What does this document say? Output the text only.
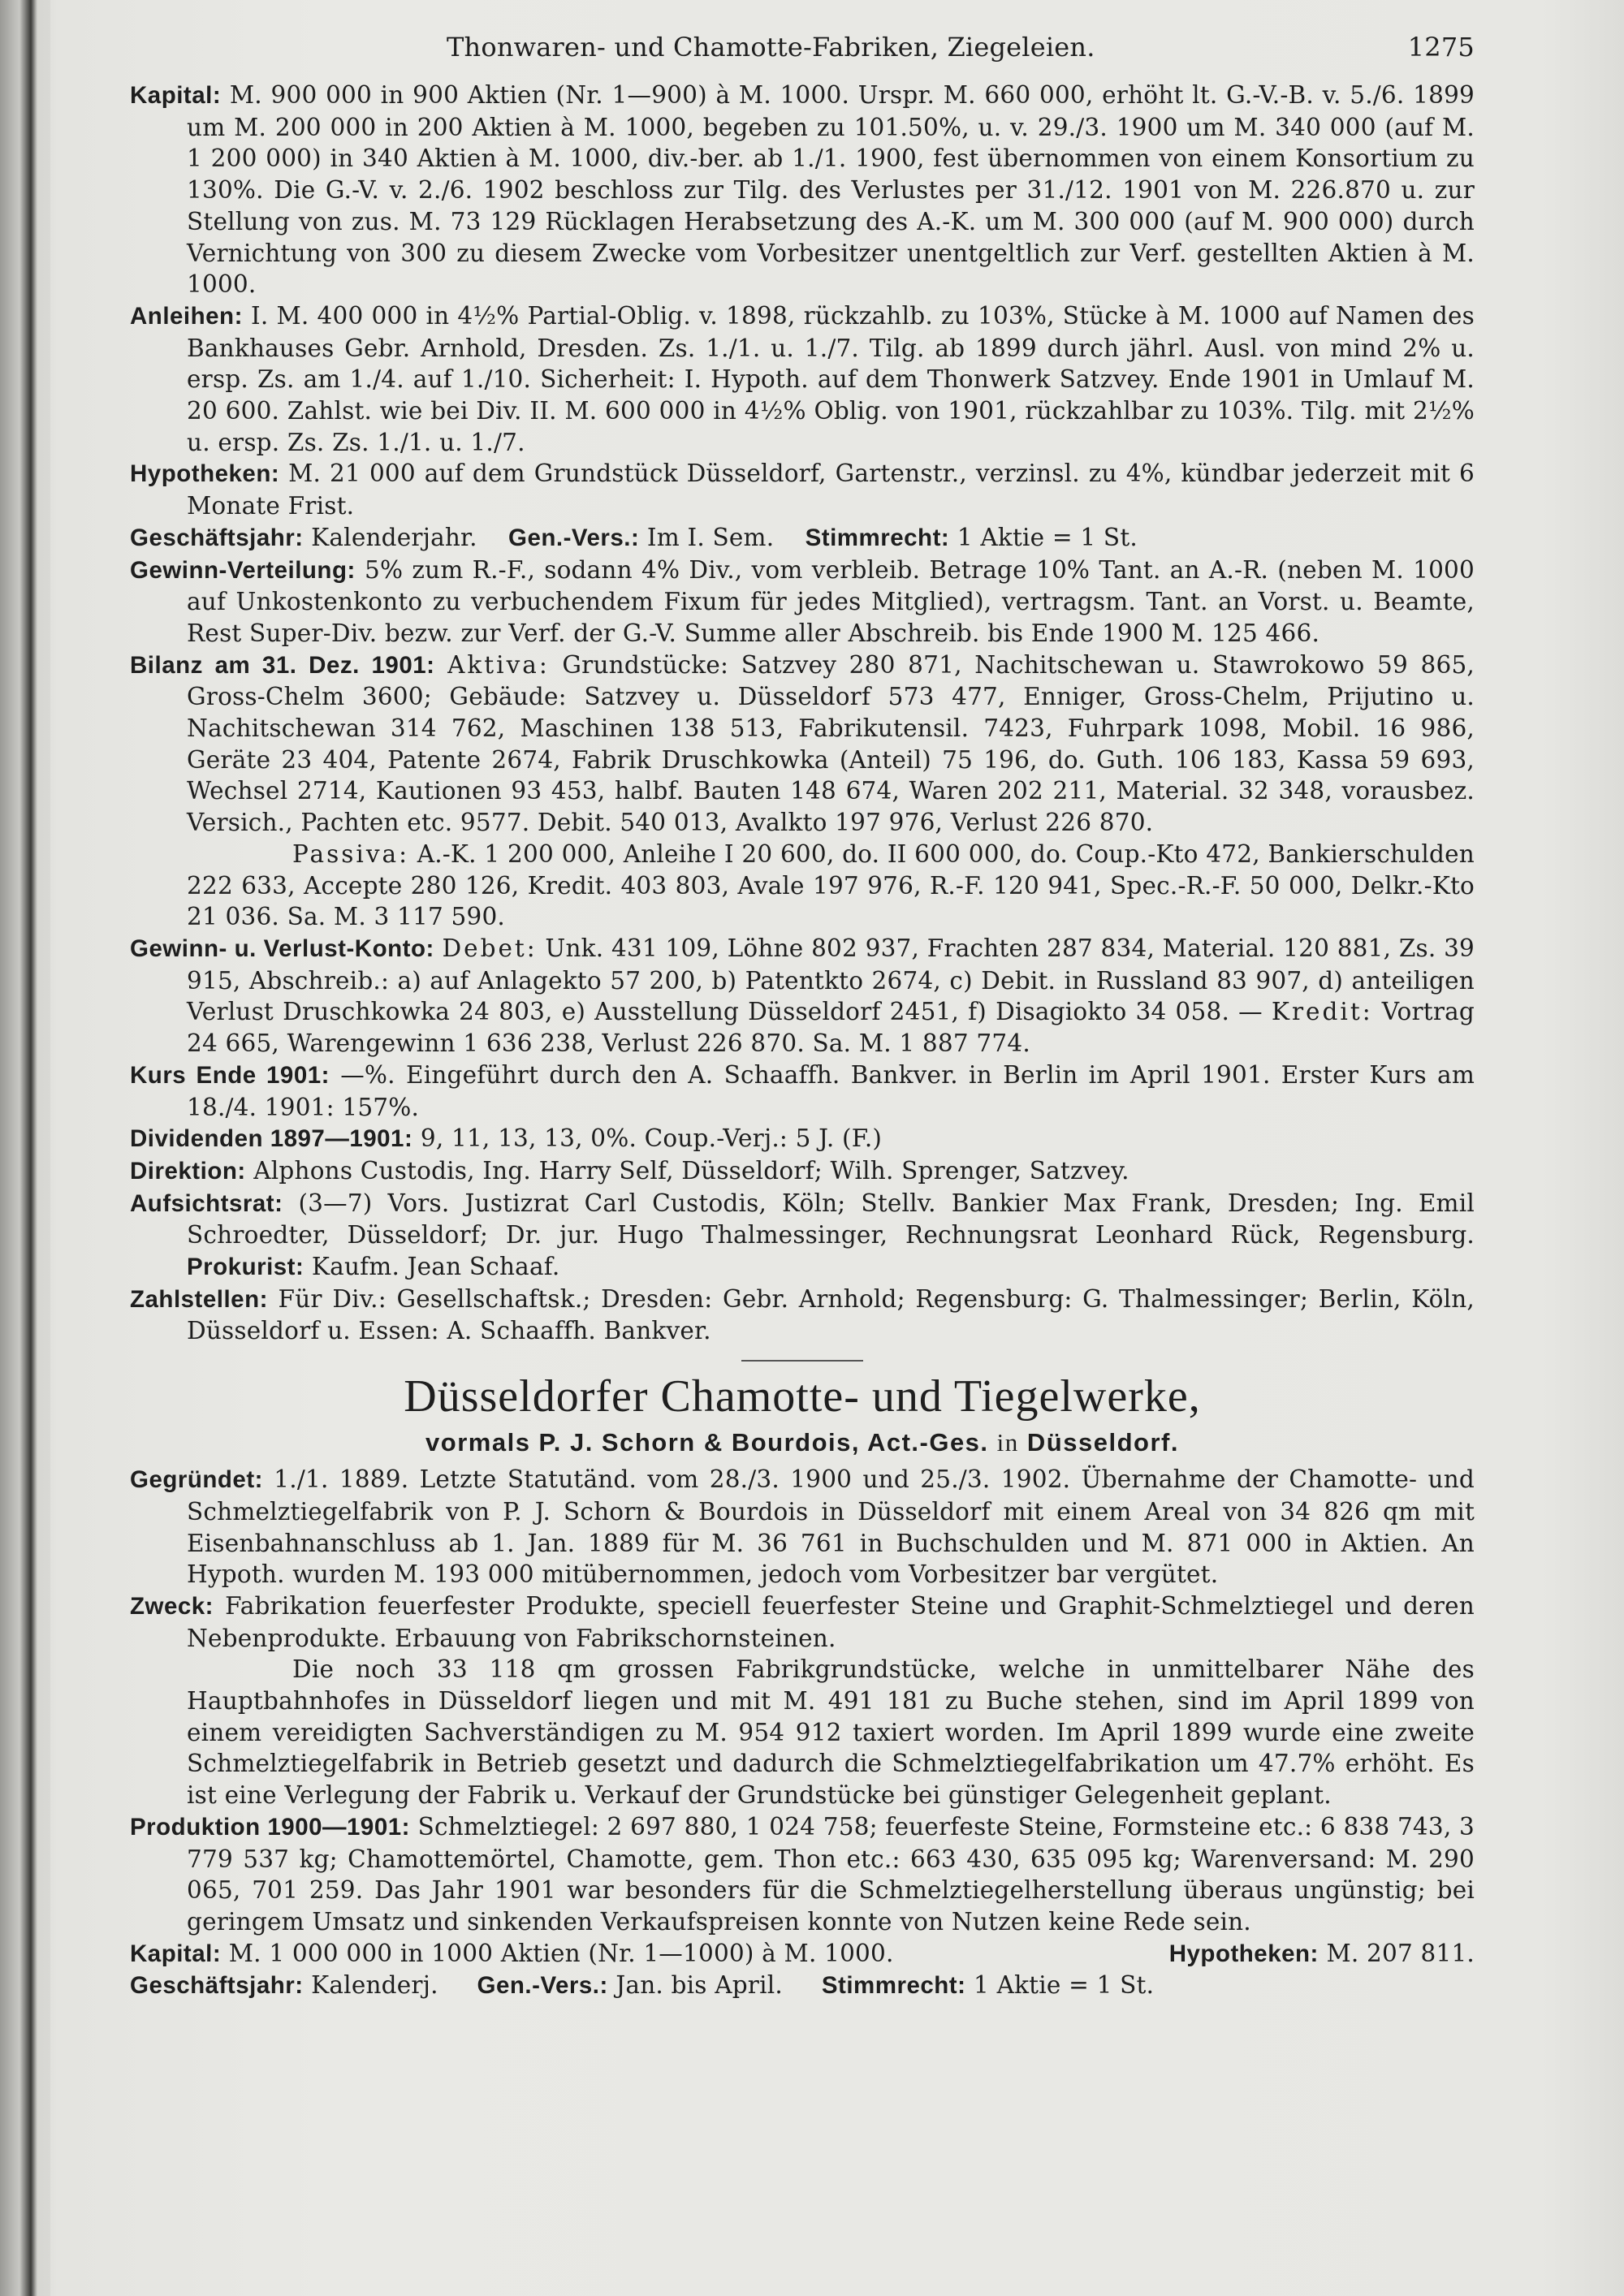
Thonwaren- und Chamotte-Fabriken, Ziegeleien.	1275

Kapital: M. 900 000 in 900 Aktien (Nr. 1—900) à M. 1000. Urspr. M. 660 000, erhöht lt. G.-V.-B. v. 5./6. 1899 um M. 200 000 in 200 Aktien à M. 1000, begeben zu 101.50%, u. v. 29./3. 1900 um M. 340 000 (auf M. 1 200 000) in 340 Aktien à M. 1000, div.-ber. ab 1./1. 1900, fest übernommen von einem Konsortium zu 130%. Die G.-V. v. 2./6. 1902 beschloss zur Tilg. des Verlustes per 31./12. 1901 von M. 226.870 u. zur Stellung von zus. M. 73 129 Rücklagen Herabsetzung des A.-K. um M. 300 000 (auf M. 900 000) durch Vernichtung von 300 zu diesem Zwecke vom Vorbesitzer unentgeltlich zur Verf. gestellten Aktien à M. 1000.

Anleihen: I. M. 400 000 in 4½% Partial-Oblig. v. 1898, rückzahlb. zu 103%, Stücke à M. 1000 auf Namen des Bankhauses Gebr. Arnhold, Dresden. Zs. 1./1. u. 1./7. Tilg. ab 1899 durch jährl. Ausl. von mind 2% u. ersp. Zs. am 1./4. auf 1./10. Sicherheit: I. Hypoth. auf dem Thonwerk Satzvey. Ende 1901 in Umlauf M. 20 600. Zahlst. wie bei Div. II. M. 600 000 in 4½% Oblig. von 1901, rückzahlbar zu 103%. Tilg. mit 2½% u. ersp. Zs. Zs. 1./1. u. 1./7.

Hypotheken: M. 21 000 auf dem Grundstück Düsseldorf, Gartenstr., verzinsl. zu 4%, kündbar jederzeit mit 6 Monate Frist.

Geschäftsjahr: Kalenderjahr. Gen.-Vers.: Im I. Sem. Stimmrecht: 1 Aktie = 1 St.

Gewinn-Verteilung: 5% zum R.-F., sodann 4% Div., vom verbleib. Betrage 10% Tant. an A.-R. (neben M. 1000 auf Unkostenkonto zu verbuchendem Fixum für jedes Mitglied), vertragsm. Tant. an Vorst. u. Beamte, Rest Super-Div. bezw. zur Verf. der G.-V. Summe aller Abschreib. bis Ende 1900 M. 125 466.

Bilanz am 31. Dez. 1901: Aktiva: Grundstücke: Satzvey 280 871, Nachitschewan u. Stawrokowo 59 865, Gross-Chelm 3600; Gebäude: Satzvey u. Düsseldorf 573 477, Enniger, Gross-Chelm, Prijutino u. Nachitschewan 314 762, Maschinen 138 513, Fabrikutensil. 7423, Fuhrpark 1098, Mobil. 16 986, Geräte 23 404, Patente 2674, Fabrik Druschkowka (Anteil) 75 196, do. Guth. 106 183, Kassa 59 693, Wechsel 2714, Kautionen 93 453, halbf. Bauten 148 674, Waren 202 211, Material. 32 348, vorausbez. Versich., Pachten etc. 9577. Debit. 540 013, Avalkto 197 976, Verlust 226 870.

Passiva: A.-K. 1 200 000, Anleihe I 20 600, do. II 600 000, do. Coup.-Kto 472, Bankierschulden 222 633, Accepte 280 126, Kredit. 403 803, Avale 197 976, R.-F. 120 941, Spec.-R.-F. 50 000, Delkr.-Kto 21 036. Sa. M. 3 117 590.

Gewinn- u. Verlust-Konto: Debet: Unk. 431 109, Löhne 802 937, Frachten 287 834, Material. 120 881, Zs. 39 915, Abschreib.: a) auf Anlagekto 57 200, b) Patentkto 2674, c) Debit. in Russland 83 907, d) anteiligen Verlust Druschkowka 24 803, e) Ausstellung Düsseldorf 2451, f) Disagiokto 34 058. — Kredit: Vortrag 24 665, Warengewinn 1 636 238, Verlust 226 870. Sa. M. 1 887 774.

Kurs Ende 1901: —%. Eingeführt durch den A. Schaaffh. Bankver. in Berlin im April 1901. Erster Kurs am 18./4. 1901: 157%.

Dividenden 1897—1901: 9, 11, 13, 13, 0%. Coup.-Verj.: 5 J. (F.)

Direktion: Alphons Custodis, Ing. Harry Self, Düsseldorf; Wilh. Sprenger, Satzvey.

Aufsichtsrat: (3—7) Vors. Justizrat Carl Custodis, Köln; Stellv. Bankier Max Frank, Dresden; Ing. Emil Schroedter, Düsseldorf; Dr. jur. Hugo Thalmessinger, Rechnungsrat Leonhard Rück, Regensburg. Prokurist: Kaufm. Jean Schaaf.

Zahlstellen: Für Div.: Gesellschaftsk.; Dresden: Gebr. Arnhold; Regensburg: G. Thalmessinger; Berlin, Köln, Düsseldorf u. Essen: A. Schaaffh. Bankver.

Düsseldorfer Chamotte- und Tiegelwerke,
vormals P. J. Schorn & Bourdois, Act.-Ges. in Düsseldorf.

Gegründet: 1./1. 1889. Letzte Statutänd. vom 28./3. 1900 und 25./3. 1902. Übernahme der Chamotte- und Schmelztiegelfabrik von P. J. Schorn & Bourdois in Düsseldorf mit einem Areal von 34 826 qm mit Eisenbahnanschluss ab 1. Jan. 1889 für M. 36 761 in Buchschulden und M. 871 000 in Aktien. An Hypoth. wurden M. 193 000 mitübernommen, jedoch vom Vorbesitzer bar vergütet.

Zweck: Fabrikation feuerfester Produkte, speciell feuerfester Steine und Graphit-Schmelztiegel und deren Nebenprodukte. Erbauung von Fabrikschornsteinen.

Die noch 33 118 qm grossen Fabrikgrundstücke, welche in unmittelbarer Nähe des Hauptbahnhofes in Düsseldorf liegen und mit M. 491 181 zu Buche stehen, sind im April 1899 von einem vereidigten Sachverständigen zu M. 954 912 taxiert worden. Im April 1899 wurde eine zweite Schmelztiegelfabrik in Betrieb gesetzt und dadurch die Schmelztiegelfabrikation um 47.7% erhöht. Es ist eine Verlegung der Fabrik u. Verkauf der Grundstücke bei günstiger Gelegenheit geplant.

Produktion 1900—1901: Schmelztiegel: 2 697 880, 1 024 758; feuerfeste Steine, Formsteine etc.: 6 838 743, 3 779 537 kg; Chamottemörtel, Chamotte, gem. Thon etc.: 663 430, 635 095 kg; Warenversand: M. 290 065, 701 259. Das Jahr 1901 war besonders für die Schmelztiegelherstellung überaus ungünstig; bei geringem Umsatz und sinkenden Verkaufspreisen konnte von Nutzen keine Rede sein.

Kapital: M. 1 000 000 in 1000 Aktien (Nr. 1—1000) à M. 1000.	Hypotheken: M. 207 811.
Geschäftsjahr: Kalenderj. Gen.-Vers.: Jan. bis April. Stimmrecht: 1 Aktie = 1 St.
